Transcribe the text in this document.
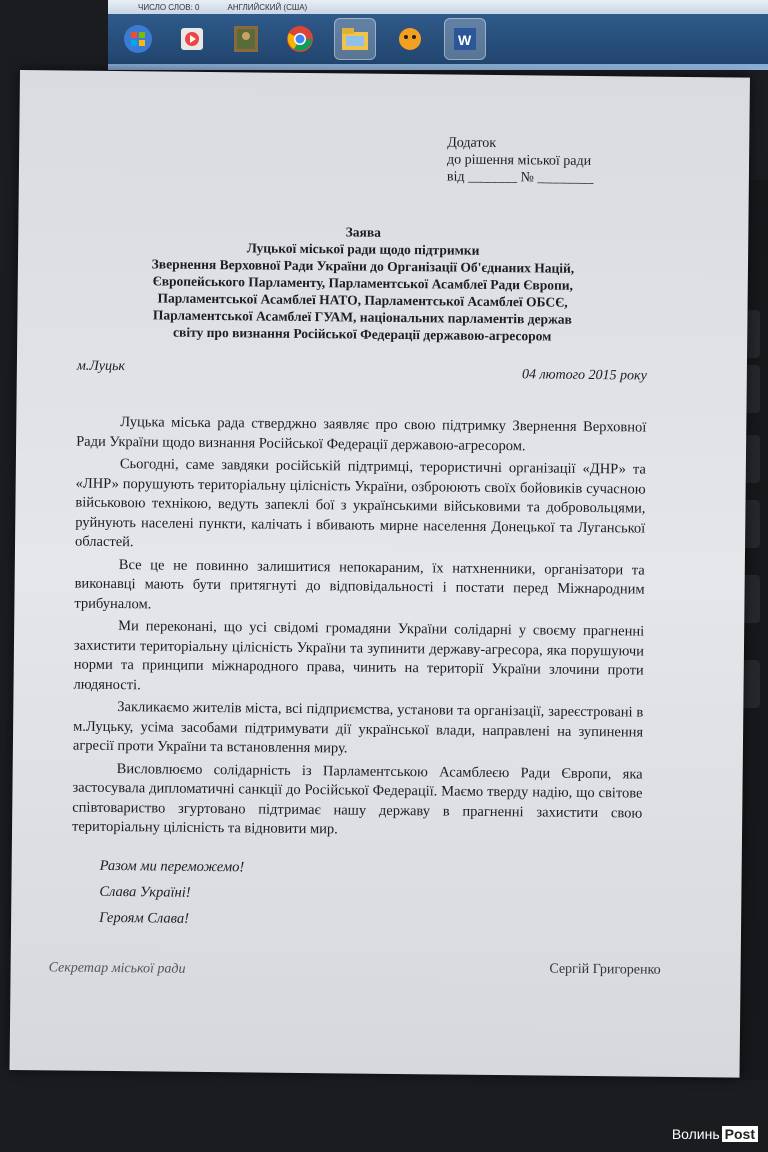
ЧИСЛО СЛОВ: 0	АНГЛИЙСКИЙ (США)
W
Додаток
до рішення міської ради
від _______ № ________
Заява
Луцької міської ради щодо підтримки
Звернення Верховної Ради України до Організації Об'єднаних Націй,
Європейського Парламенту, Парламентської Асамблеї Ради Європи,
Парламентської Асамблеї НАТО, Парламентської Асамблеї ОБСЄ,
Парламентської Асамблеї ГУАМ, національних парламентів держав
світу про визнання Російської Федерації державою-агресором
м.Луцьк
04 лютого 2015 року

Луцька міська рада стверджно заявляє про свою підтримку Звернення Верховної Ради України щодо визнання Російської Федерації державою-агресором.

Сьогодні, саме завдяки російській підтримці, терористичні організації «ДНР» та «ЛНР» порушують територіальну цілісність України, озброюють своїх бойовиків сучасною військовою технікою, ведуть запеклі бої з українськими військовими та добровольцями, руйнують населені пункти, калічать і вбивають мирне населення Донецької та Луганської областей.

Все це не повинно залишитися непокараним, їх натхненники, організатори та виконавці мають бути притягнуті до відповідальності і постати перед Міжнародним трибуналом.

Ми переконані, що усі свідомі громадяни України солідарні у своєму прагненні захистити територіальну цілісність України та зупинити державу-агресора, яка порушуючи норми та принципи міжнародного права, чинить на території України злочини проти людяності.

Закликаємо жителів міста, всі підприємства, установи та організації, зареєстровані в м.Луцьку, усіма засобами підтримувати дії української влади, направлені на зупинення агресії проти України та встановлення миру.

Висловлюємо солідарність із Парламентською Асамблеєю Ради Європи, яка застосувала дипломатичні санкції до Російської Федерації. Маємо тверду надію, що світове співтовариство згуртовано підтримає нашу державу в прагненні захистити свою територіальну цілісність та відновити мир.

Разом ми переможемо!
Слава Україні!
Героям Слава!
Секретар міської ради	Сергій Григоренко
Волинь Post
